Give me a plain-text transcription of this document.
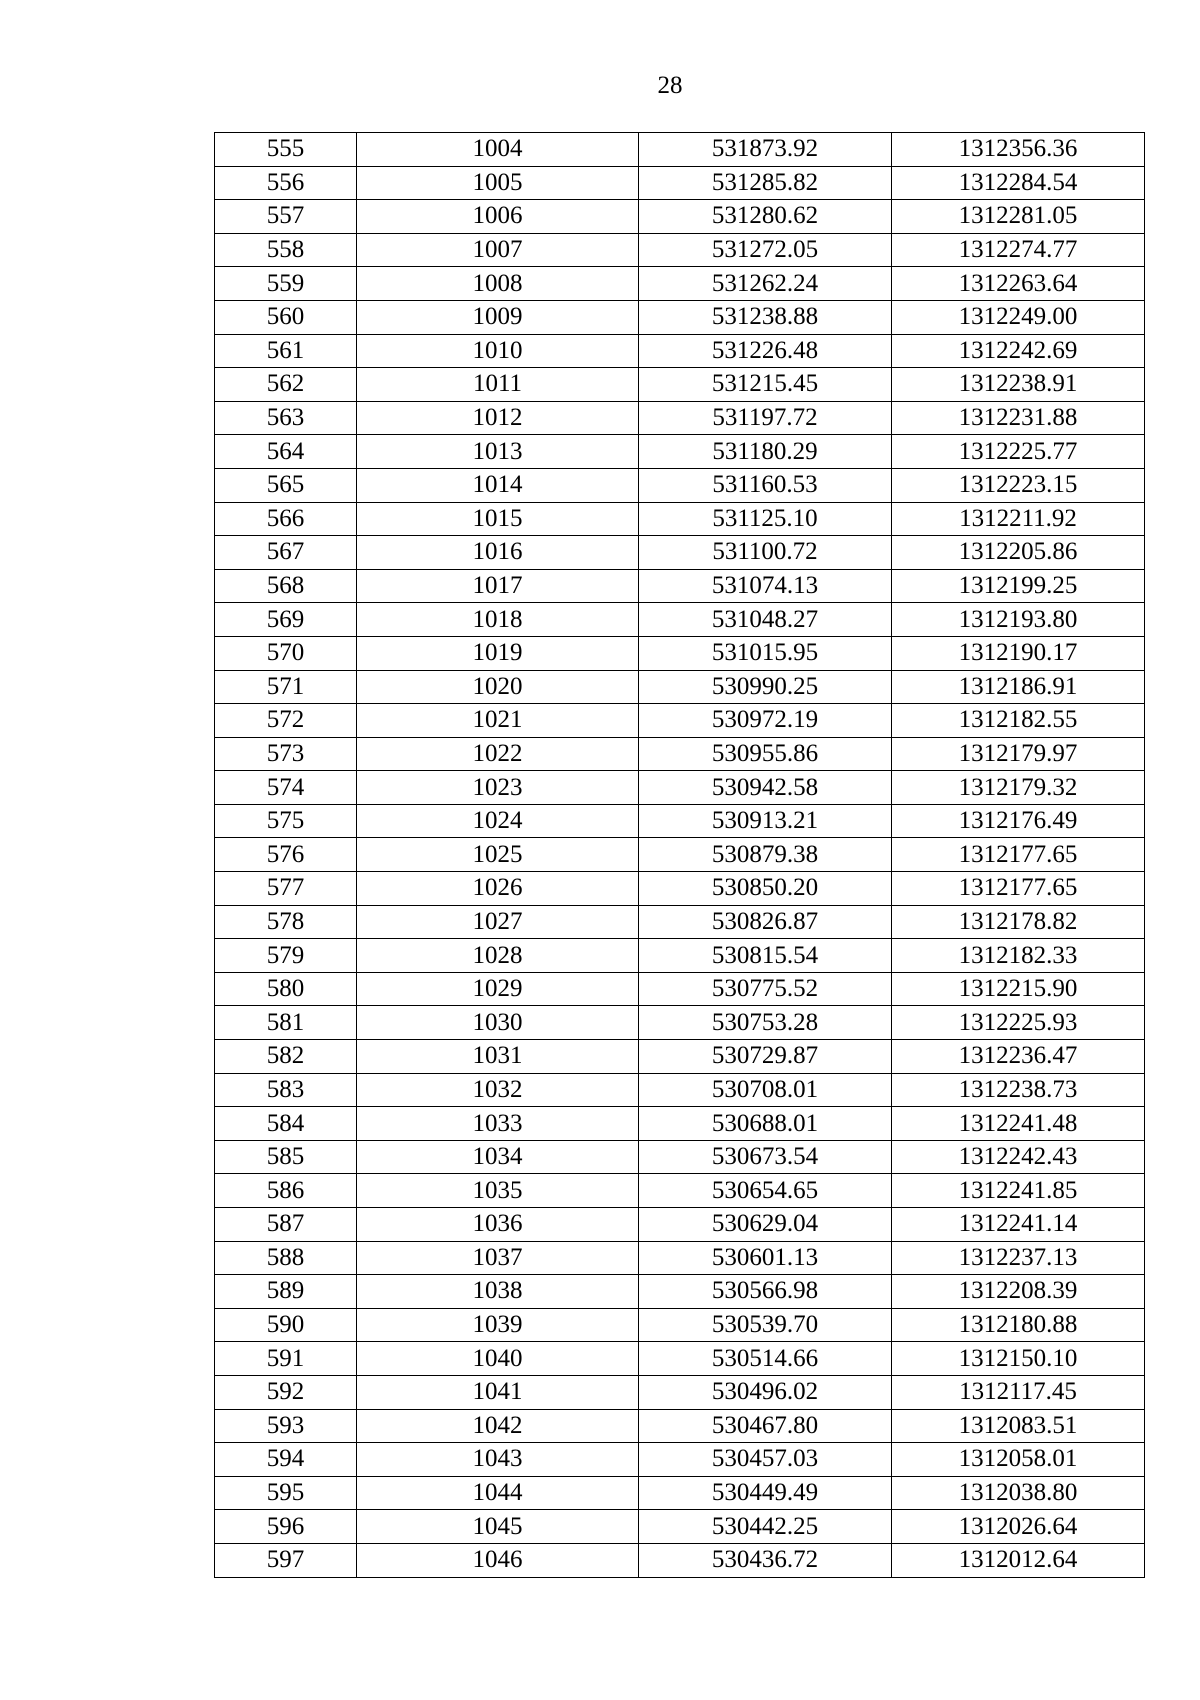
28
555	1004	531873.92	1312356.36
556	1005	531285.82	1312284.54
557	1006	531280.62	1312281.05
558	1007	531272.05	1312274.77
559	1008	531262.24	1312263.64
560	1009	531238.88	1312249.00
561	1010	531226.48	1312242.69
562	1011	531215.45	1312238.91
563	1012	531197.72	1312231.88
564	1013	531180.29	1312225.77
565	1014	531160.53	1312223.15
566	1015	531125.10	1312211.92
567	1016	531100.72	1312205.86
568	1017	531074.13	1312199.25
569	1018	531048.27	1312193.80
570	1019	531015.95	1312190.17
571	1020	530990.25	1312186.91
572	1021	530972.19	1312182.55
573	1022	530955.86	1312179.97
574	1023	530942.58	1312179.32
575	1024	530913.21	1312176.49
576	1025	530879.38	1312177.65
577	1026	530850.20	1312177.65
578	1027	530826.87	1312178.82
579	1028	530815.54	1312182.33
580	1029	530775.52	1312215.90
581	1030	530753.28	1312225.93
582	1031	530729.87	1312236.47
583	1032	530708.01	1312238.73
584	1033	530688.01	1312241.48
585	1034	530673.54	1312242.43
586	1035	530654.65	1312241.85
587	1036	530629.04	1312241.14
588	1037	530601.13	1312237.13
589	1038	530566.98	1312208.39
590	1039	530539.70	1312180.88
591	1040	530514.66	1312150.10
592	1041	530496.02	1312117.45
593	1042	530467.80	1312083.51
594	1043	530457.03	1312058.01
595	1044	530449.49	1312038.80
596	1045	530442.25	1312026.64
597	1046	530436.72	1312012.64
